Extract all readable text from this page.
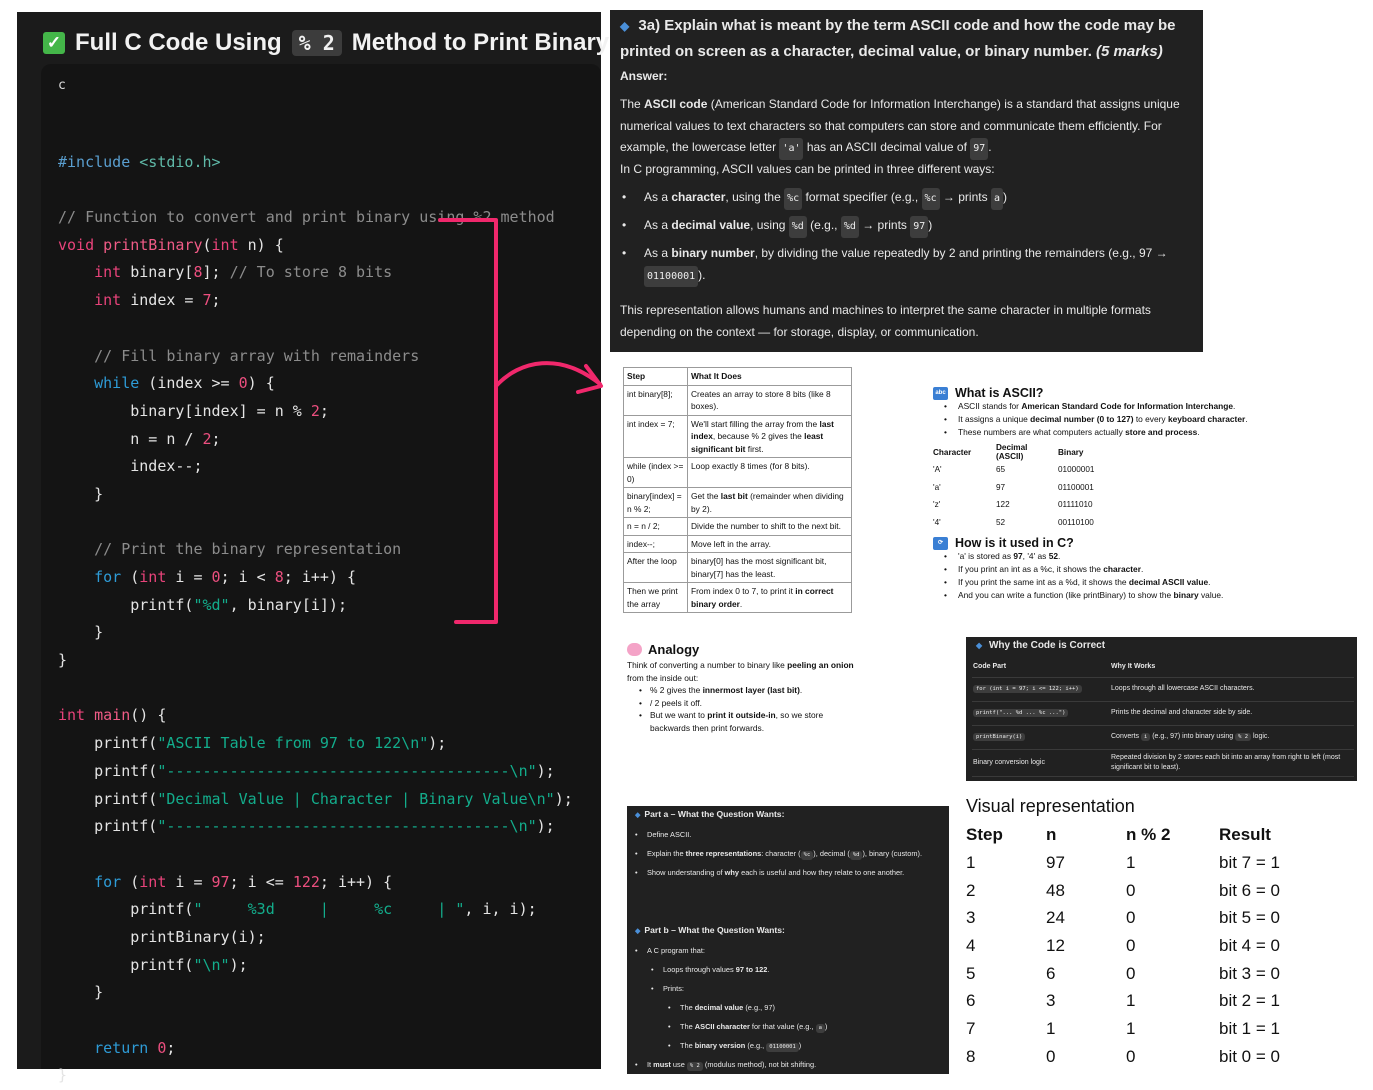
✓ Full C Code Using % 2 Method to Print Binary
c
#include <stdio.h>
// Function to convert and print binary using %2 method
void printBinary(int n) {
int binary[8]; // To store 8 bits
int index = 7;
// Fill binary array with remainders
while (index >= 0) {
binary[index] = n % 2;
n = n / 2;
index--;
}
// Print the binary representation
for (int i = 0; i < 8; i++) {
printf("%d", binary[i]);
}
}
int main() {
printf("ASCII Table from 97 to 122\n");
printf("--------------------------------------\n");
printf("Decimal Value | Character | Binary Value\n");
printf("--------------------------------------\n");
for (int i = 97; i <= 122; i++) {
printf("     %3d     |     %c     | ", i, i);
printBinary(i);
printf("\n");
}
return 0;
}
◆ 3a) Explain what is meant by the term ASCII code and how the code may be printed on screen as a character, decimal value, or binary number. (5 marks)
Answer:
The ASCII code (American Standard Code for Information Interchange) is a standard that assigns unique numerical values to text characters so that computers can store and communicate them efficiently. For example, the lowercase letter 'a' has an ASCII decimal value of 97 .
In C programming, ASCII values can be printed in three different ways:
• As a character, using the %c format specifier (e.g., %c → prints a )
• As a decimal value, using %d (e.g., %d → prints 97 )
• As a binary number, by dividing the value repeatedly by 2 and printing the remainders (e.g., 97 → 01100001 ).
This representation allows humans and machines to interpret the same character in multiple formats depending on the context — for storage, display, or communication.
Step	What It Does
int binary[8];	Creates an array to store 8 bits (like 8 boxes).
int index = 7;	We'll start filling the array from the last index, because % 2 gives the least significant bit first.
while (index >= 0)	Loop exactly 8 times (for 8 bits).
binary[index] = n % 2;	Get the last bit (remainder when dividing by 2).
n = n / 2;	Divide the number to shift to the next bit.
index--;	Move left in the array.
After the loop	binary[0] has the most significant bit, binary[7] has the least.
Then we print the array	From index 0 to 7, to print it in correct binary order.
Analogy

Think of converting a number to binary like peeling an onion from the inside out:

• % 2 gives the innermost layer (last bit).
• / 2 peels it off.
• But we want to print it outside-in, so we store backwards then print forwards.
abc What is ASCII?
• ASCII stands for American Standard Code for Information Interchange.
• It assigns a unique decimal number (0 to 127) to every keyboard character.
• These numbers are what computers actually store and process.
Character	Decimal (ASCII)	Binary
'A'	65	01000001
'a'	97	01100001
'z'	122	01111010
'4'	52	00110100
⟳ How is it used in C?
• 'a' is stored as 97, '4' as 52.
• If you print an int as a %c, it shows the character.
• If you print the same int as a %d, it shows the decimal ASCII value.
• And you can write a function (like printBinary) to show the binary value.
◆ Why the Code is Correct
Code Part	Why It Works
for (int i = 97; i <= 122; i++)	Loops through all lowercase ASCII characters.
printf("... %d ... %c ...")	Prints the decimal and character side by side.
printBinary(i)	Converts i (e.g., 97) into binary using % 2 logic.
Binary conversion logic	Repeated division by 2 stores each bit into an array from right to left (most significant bit to least).
◆ Part a – What the Question Wants:
• Define ASCII.
• Explain the three representations: character ( %c ), decimal ( %d ), binary (custom).
• Show understanding of why each is useful and how they relate to one another.
◆ Part b – What the Question Wants:
• A C program that:
• Loops through values 97 to 122.
• Prints:
• The decimal value (e.g., 97)
• The ASCII character for that value (e.g., a )
• The binary version (e.g., 01100001 )
• It must use % 2 (modulus method), not bit shifting.
Visual representation
Step	n	n % 2	Result
1	97	1	bit 7 = 1
2	48	0	bit 6 = 0
3	24	0	bit 5 = 0
4	12	0	bit 4 = 0
5	6	0	bit 3 = 0
6	3	1	bit 2 = 1
7	1	1	bit 1 = 1
8	0	0	bit 0 = 0
